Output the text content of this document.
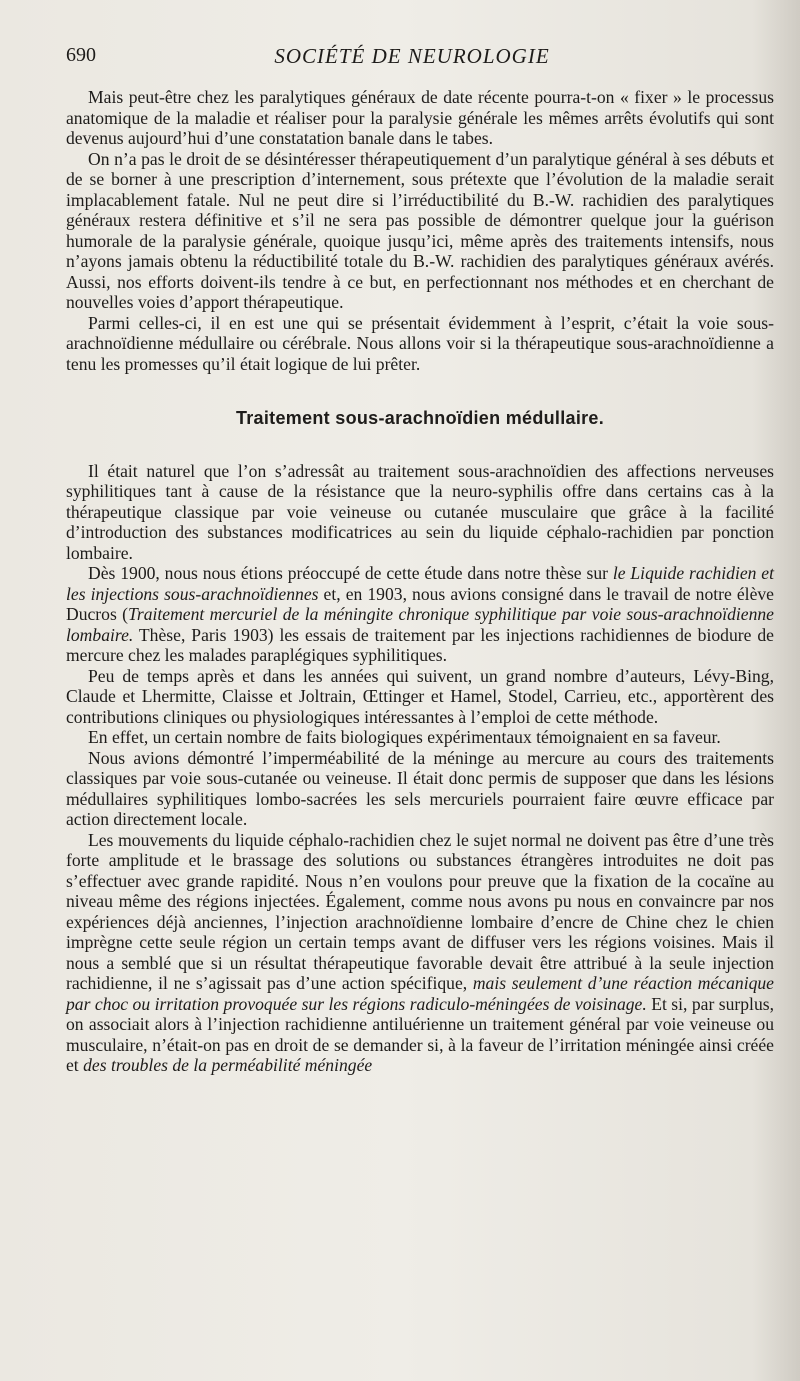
690	SOCIÉTÉ DE NEUROLOGIE

Mais peut-être chez les paralytiques généraux de date récente pourra-t-on « fixer » le processus anatomique de la maladie et réaliser pour la paralysie générale les mêmes arrêts évolutifs qui sont devenus aujourd’hui d’une constatation banale dans le tabes.

On n’a pas le droit de se désintéresser thérapeutiquement d’un paralytique général à ses débuts et de se borner à une prescription d’internement, sous prétexte que l’évolution de la maladie serait implacablement fatale. Nul ne peut dire si l’irréductibilité du B.-W. rachidien des paralytiques généraux restera définitive et s’il ne sera pas possible de démontrer quelque jour la guérison humorale de la paralysie générale, quoique jusqu’ici, même après des traitements intensifs, nous n’ayons jamais obtenu la réductibilité totale du B.-W. rachidien des paralytiques généraux avérés. Aussi, nos efforts doivent-ils tendre à ce but, en perfectionnant nos méthodes et en cherchant de nouvelles voies d’apport thérapeutique.

Parmi celles-ci, il en est une qui se présentait évidemment à l’esprit, c’était la voie sous-arachnoïdienne médullaire ou cérébrale. Nous allons voir si la thérapeutique sous-arachnoïdienne a tenu les promesses qu’il était logique de lui prêter.

Traitement sous-arachnoïdien médullaire.

Il était naturel que l’on s’adressât au traitement sous-arachnoïdien des affections nerveuses syphilitiques tant à cause de la résistance que la neuro-syphilis offre dans certains cas à la thérapeutique classique par voie veineuse ou cutanée musculaire que grâce à la facilité d’introduction des substances modificatrices au sein du liquide céphalo-rachidien par ponction lombaire.

Dès 1900, nous nous étions préoccupé de cette étude dans notre thèse sur le Liquide rachidien et les injections sous-arachnoïdiennes et, en 1903, nous avions consigné dans le travail de notre élève Ducros (Traitement mercuriel de la méningite chronique syphilitique par voie sous-arachnoïdienne lombaire. Thèse, Paris 1903) les essais de traitement par les injections rachidiennes de biodure de mercure chez les malades paraplégiques syphilitiques.

Peu de temps après et dans les années qui suivent, un grand nombre d’auteurs, Lévy-Bing, Claude et Lhermitte, Claisse et Joltrain, Œttinger et Hamel, Stodel, Carrieu, etc., apportèrent des contributions cliniques ou physiologiques intéressantes à l’emploi de cette méthode.

En effet, un certain nombre de faits biologiques expérimentaux témoignaient en sa faveur.

Nous avions démontré l’imperméabilité de la méninge au mercure au cours des traitements classiques par voie sous-cutanée ou veineuse. Il était donc permis de supposer que dans les lésions médullaires syphilitiques lombo-sacrées les sels mercuriels pourraient faire œuvre efficace par action directement locale.

Les mouvements du liquide céphalo-rachidien chez le sujet normal ne doivent pas être d’une très forte amplitude et le brassage des solutions ou substances étrangères introduites ne doit pas s’effectuer avec grande rapidité. Nous n’en voulons pour preuve que la fixation de la cocaïne au niveau même des régions injectées. Également, comme nous avons pu nous en convaincre par nos expériences déjà anciennes, l’injection arachnoïdienne lombaire d’encre de Chine chez le chien imprègne cette seule région un certain temps avant de diffuser vers les régions voisines. Mais il nous a semblé que si un résultat thérapeutique favorable devait être attribué à la seule injection rachidienne, il ne s’agissait pas d’une action spécifique, mais seulement d’une réaction mécanique par choc ou irritation provoquée sur les régions radiculo-méningées de voisinage. Et si, par surplus, on associait alors à l’injection rachidienne antiluérienne un traitement général par voie veineuse ou musculaire, n’était-on pas en droit de se demander si, à la faveur de l’irritation méningée ainsi créée et des troubles de la perméabilité méningée
